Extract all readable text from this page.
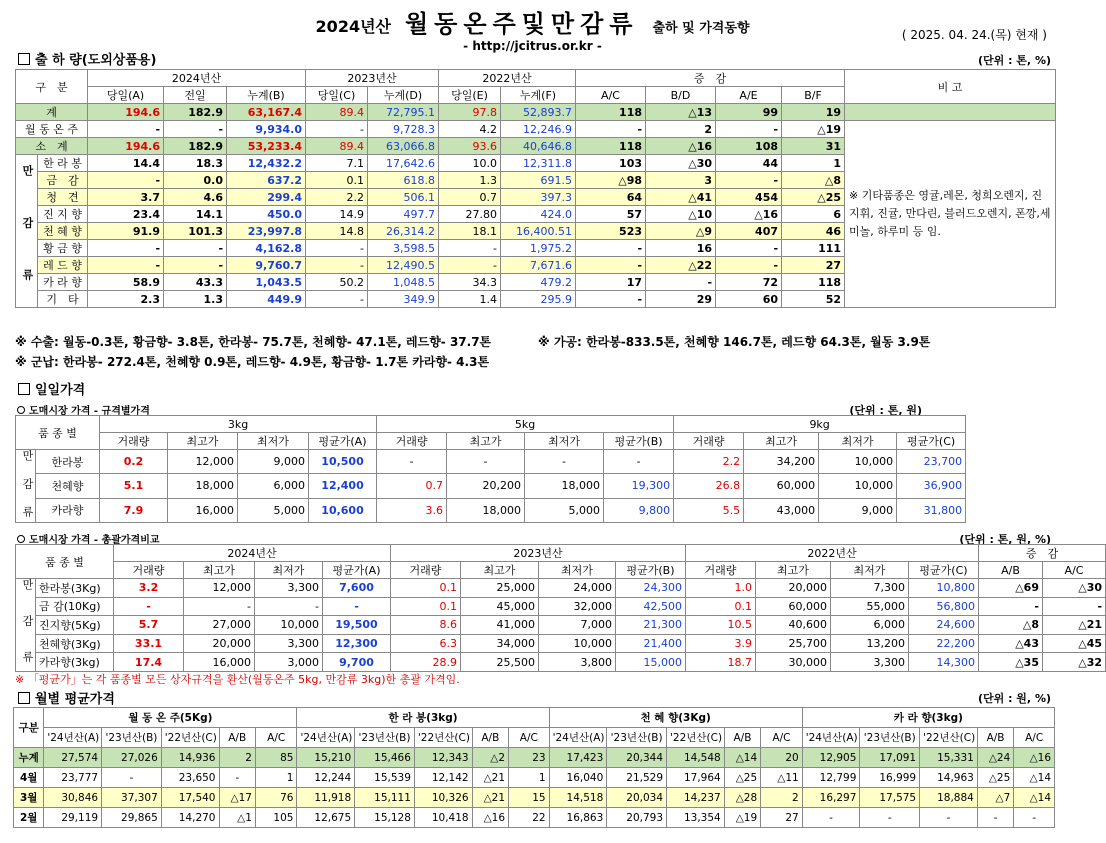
2024년산 월동온주및만감류 출하 및 가격동향
- http://jcitrus.or.kr -
( 2025. 04. 24.(목) 현재 )
출 하 량(도외상품용)	(단위 : 톤, %)
구　분		2024년산			2023년산		2022년산		증　감				비 고
		당일(A)	전일	누계(B)	당일(C)	누계(D)	당일(E)	누계(F)	A/C	B/D	A/E	B/F	
계		194.6	182.9	63,167.4	89.4	72,795.1	97.8	52,893.7	118	△13	99	19	
월 동 온 주		-	-	9,934.0	-	9,728.3	4.2	12,246.9	-	2	-	△19	※ 기타품종은 영귤,레몬, 청희오렌지, 진지휘, 진귤, 만다린, 블러드오렌지, 폰깡,세미놀, 하루미 등 임.
소　계		194.6	182.9	53,233.4	89.4	63,066.8	93.6	40,646.8	118	△16	108	31	
만 감 류	한 라 봉	14.4	18.3	12,432.2	7.1	17,642.6	10.0	12,311.8	103	△30	44	1	
	금　감	-	0.0	637.2	0.1	618.8	1.3	691.5	△98	3	-	△8	
	청　견	3.7	4.6	299.4	2.2	506.1	0.7	397.3	64	△41	454	△25	
	진 지 향	23.4	14.1	450.0	14.9	497.7	27.80	424.0	57	△10	△16	6	
	천 혜 향	91.9	101.3	23,997.8	14.8	26,314.2	18.1	16,400.51	523	△9	407	46	
	황 금 향	-	-	4,162.8	-	3,598.5	-	1,975.2	-	16	-	111	
	레 드 향	-	-	9,760.7	-	12,490.5	-	7,671.6	-	△22	-	27	
	카 라 향	58.9	43.3	1,043.5	50.2	1,048.5	34.3	479.2	17	-	72	118	
	기　타	2.3	1.3	449.9	-	349.9	1.4	295.9	-	29	60	52	
※ 수출: 월동-0.3톤, 황금향- 3.8톤, 한라봉- 75.7톤, 천혜향- 47.1톤, 레드향- 37.7톤	※ 가공: 한라봉-833.5톤, 천혜향 146.7톤, 레드향 64.3톤, 월동 3.9톤
※ 군납: 한라봉- 272.4톤, 천혜향 0.9톤, 레드향- 4.9톤, 황금향- 1.7톤 카라향- 4.3톤
일일가격
도매시장 가격 - 규격별가격	(단위 : 톤, 원)
품 종 별		3kg				5kg				9kg			
		거래량	최고가	최저가	평균가(A)	거래량	최고가	최저가	평균가(B)	거래량	최고가	최저가	평균가(C)
만 감 류	한라봉	0.2	12,000	9,000	10,500	-	-	-	-	2.2	34,200	10,000	23,700
	천혜향	5.1	18,000	6,000	12,400	0.7	20,200	18,000	19,300	26.8	60,000	10,000	36,900
	카라향	7.9	16,000	5,000	10,600	3.6	18,000	5,000	9,800	5.5	43,000	9,000	31,800
도매시장 가격 - 총괄가격비교	(단위 : 톤, 원, %)
품 종 별		2024년산				2023년산				2022년산				증　감	
		거래량	최고가	최저가	평균가(A)	거래량	최고가	최저가	평균가(B)	거래량	최고가	최저가	평균가(C)	A/B	A/C
만 감 류	한라봉(3Kg)	3.2	12,000	3,300	7,600	0.1	25,000	24,000	24,300	1.0	20,000	7,300	10,800	△69	△30
	금 감(10Kg)	-	-	-	-	0.1	45,000	32,000	42,500	0.1	60,000	55,000	56,800	-	-
	진지향(5Kg)	5.7	27,000	10,000	19,500	8.6	41,000	7,000	21,300	10.5	40,600	6,000	24,600	△8	△21
	천혜향(3Kg)	33.1	20,000	3,300	12,300	6.3	34,000	10,000	21,400	3.9	25,700	13,200	22,200	△43	△45
	카라향(3kg)	17.4	16,000	3,000	9,700	28.9	25,500	3,800	15,000	18.7	30,000	3,300	14,300	△35	△32
※ 「평균가」는 각 품종별 모든 상자규격을 환산(월동온주 5kg, 만감류 3kg)한 총괄 가격임.
월별 평균가격	(단위 : 원, %)
구분	월 동 온 주(5Kg)					한 라 봉(3kg)					천 혜 향(3Kg)					카 라 향(3kg)				
	'24년산(A)	'23년산(B)	'22년산(C)	A/B	A/C	'24년산(A)	'23년산(B)	'22년산(C)	A/B	A/C	'24년산(A)	'23년산(B)	'22년산(C)	A/B	A/C	'24년산(A)	'23년산(B)	'22년산(C)	A/B	A/C
누계	27,574	27,026	14,936	2	85	15,210	15,466	12,343	△2	23	17,423	20,344	14,548	△14	20	12,905	17,091	15,331	△24	△16
4월	23,777	-	23,650	-	1	12,244	15,539	12,142	△21	1	16,040	21,529	17,964	△25	△11	12,799	16,999	14,963	△25	△14
3월	30,846	37,307	17,540	△17	76	11,918	15,111	10,326	△21	15	14,518	20,034	14,237	△28	2	16,297	17,575	18,884	△7	△14
2월	29,119	29,865	14,270	△1	105	12,675	15,128	10,418	△16	22	16,863	20,793	13,354	△19	27	-	-	-	-	-
